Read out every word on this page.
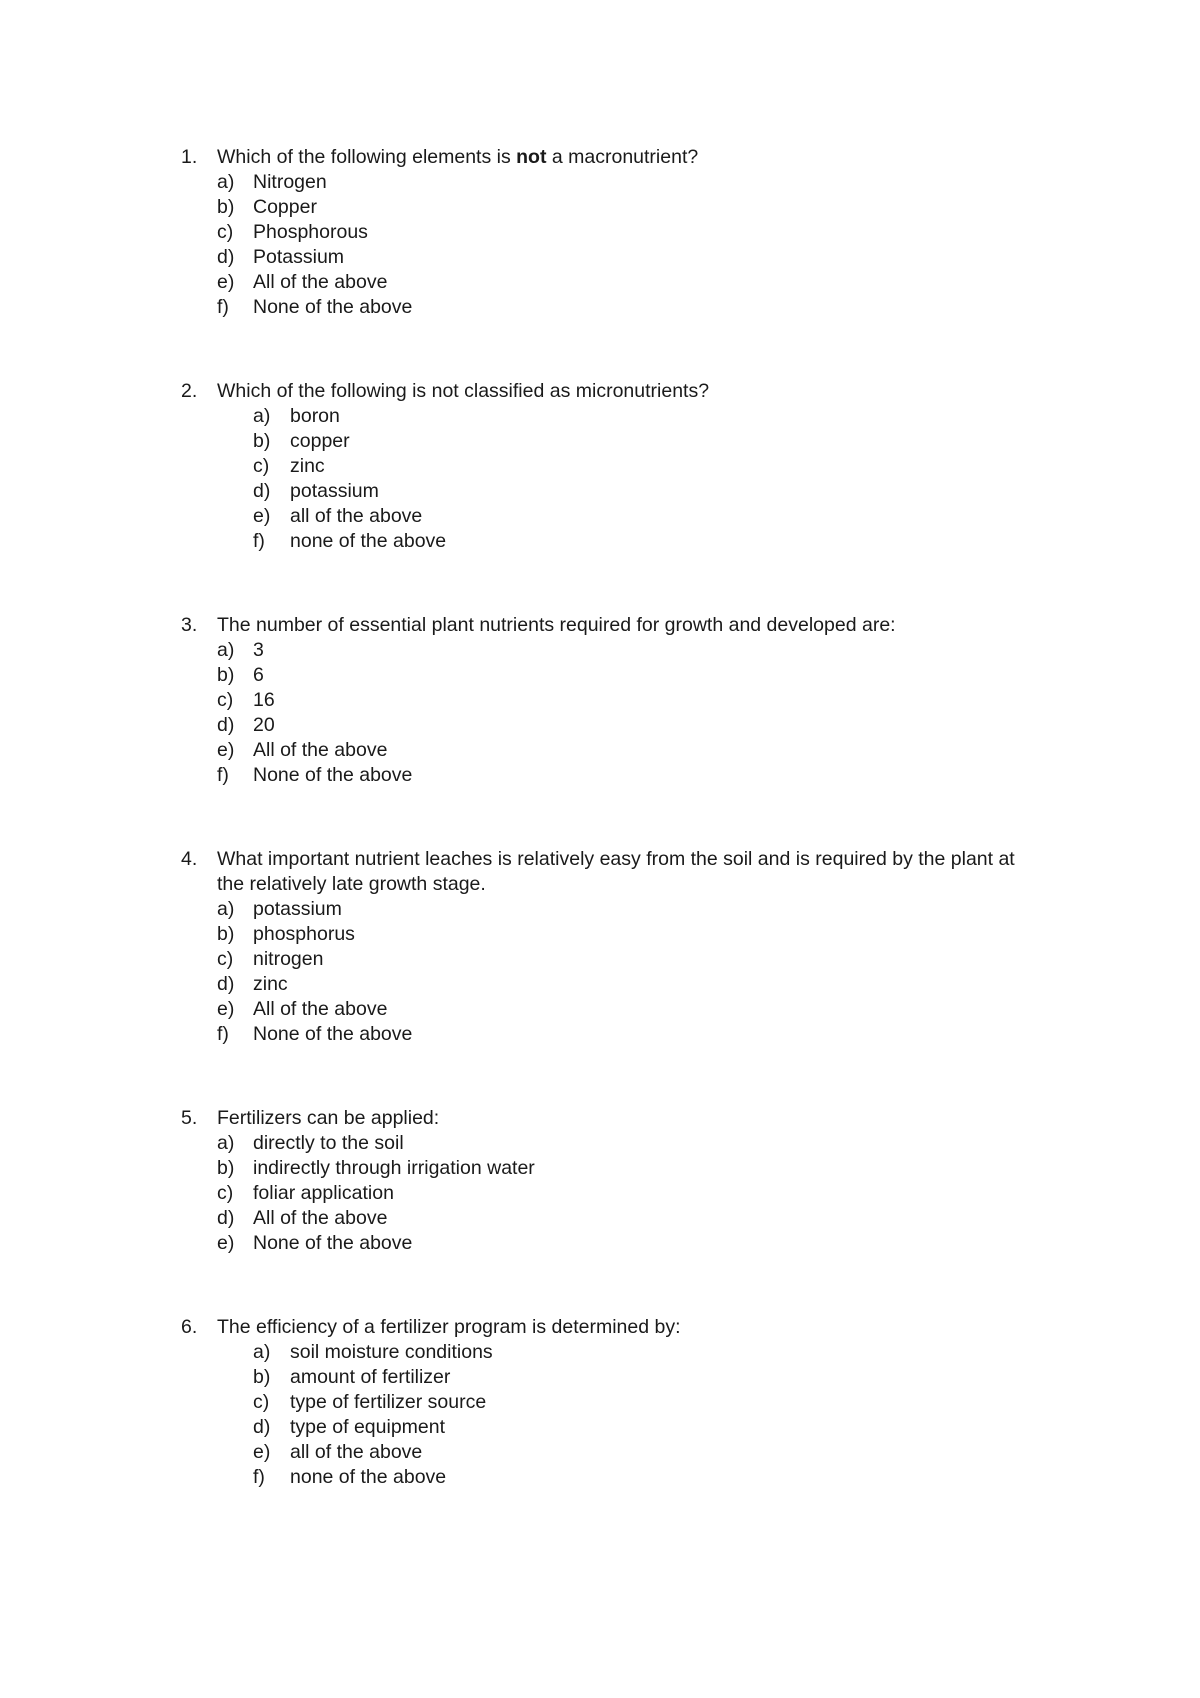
1. Which of the following elements is not a macronutrient?
a) Nitrogen
b) Copper
c) Phosphorous
d) Potassium
e) All of the above
f) None of the above
2. Which of the following is not classified as micronutrients?
a) boron
b) copper
c) zinc
d) potassium
e) all of the above
f) none of the above
3. The number of essential plant nutrients required for growth and developed are:
a) 3
b) 6
c) 16
d) 20
e) All of the above
f) None of the above
4. What important nutrient leaches is relatively easy from the soil and is required by the plant at
the relatively late growth stage.
a) potassium
b) phosphorus
c) nitrogen
d) zinc
e) All of the above
f) None of the above
5. Fertilizers can be applied:
a) directly to the soil
b) indirectly through irrigation water
c) foliar application
d) All of the above
e) None of the above
6. The efficiency of a fertilizer program is determined by:
a) soil moisture conditions
b) amount of fertilizer
c) type of fertilizer source
d) type of equipment
e) all of the above
f) none of the above
